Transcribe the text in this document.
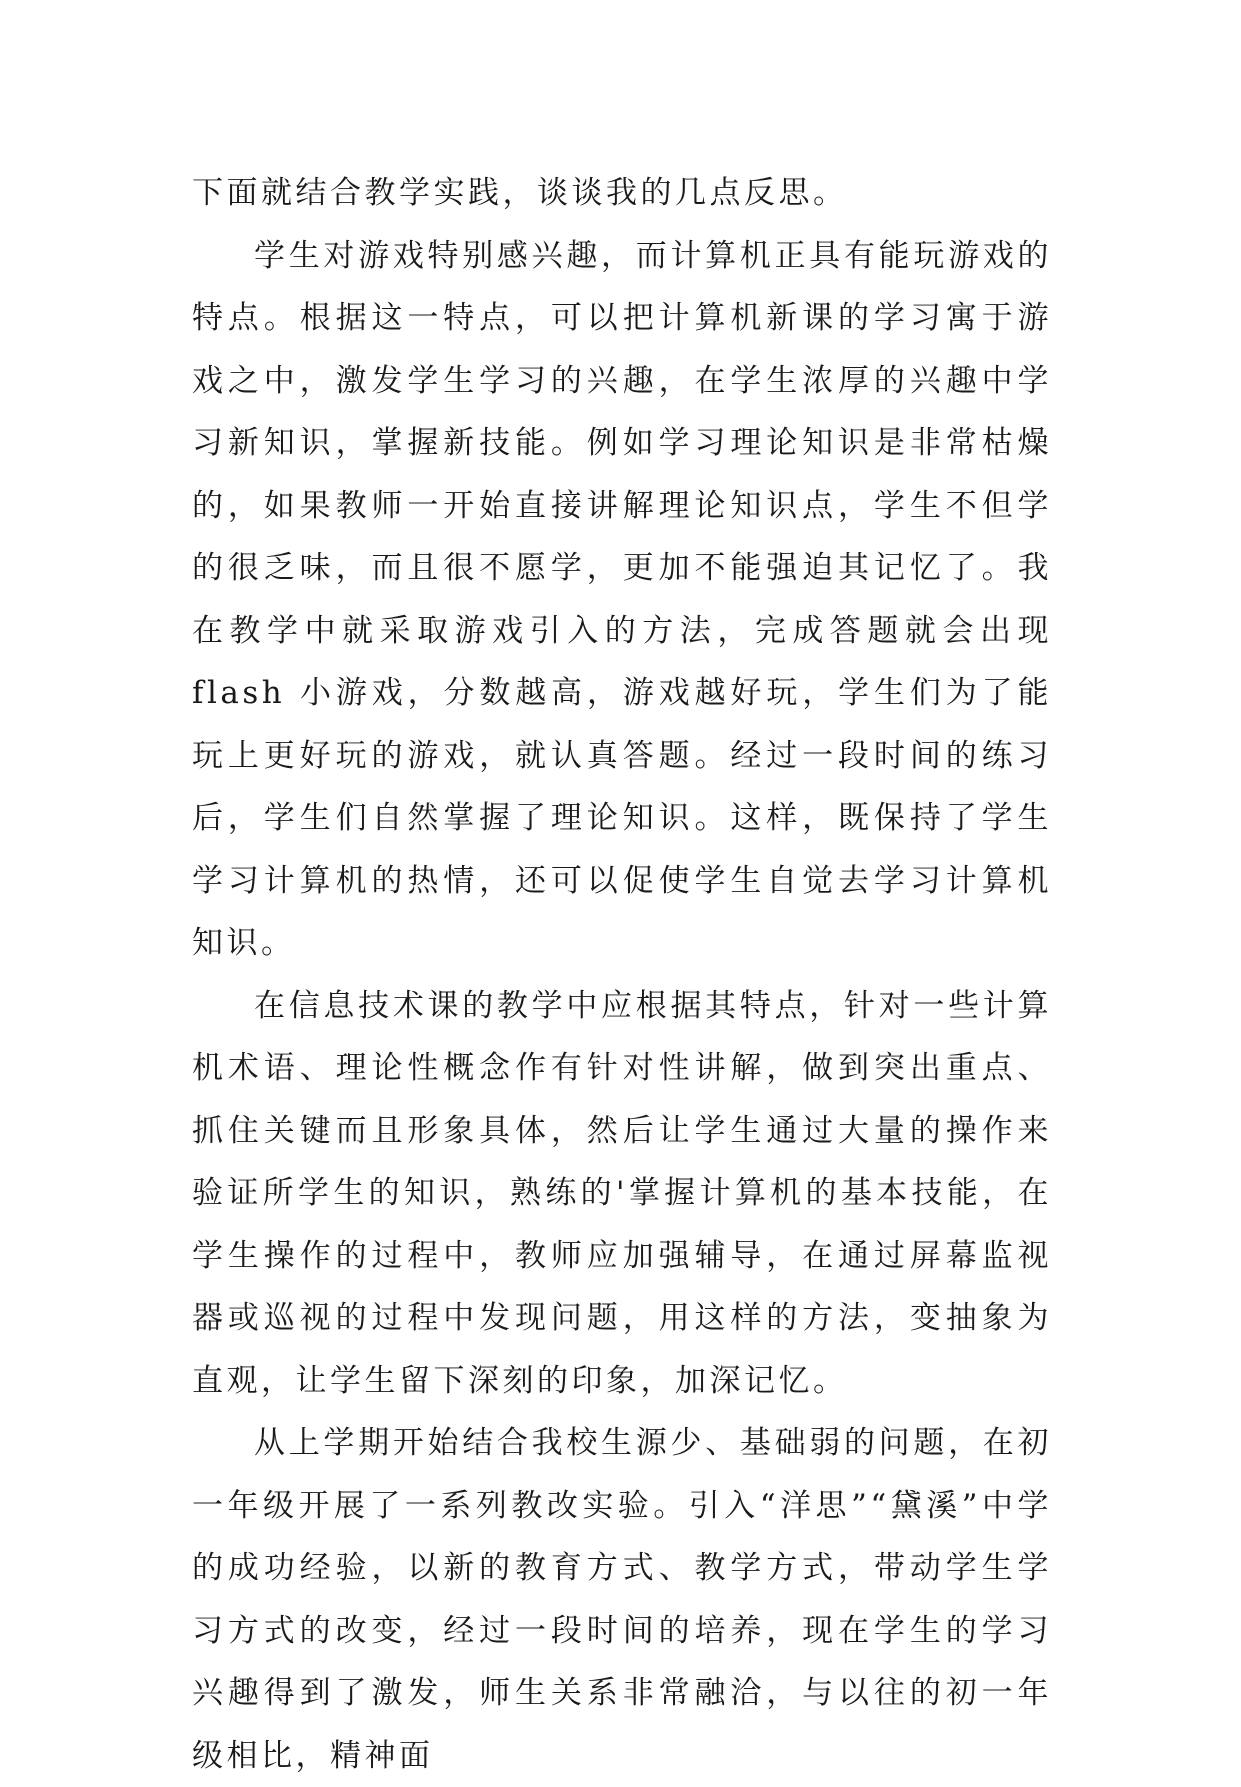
下面就结合教学实践，谈谈我的几点反思。

学生对游戏特别感兴趣，而计算机正具有能玩游戏的特点。根据这一特点，可以把计算机新课的学习寓于游戏之中，激发学生学习的兴趣，在学生浓厚的兴趣中学习新知识，掌握新技能。例如学习理论知识是非常枯燥的，如果教师一开始直接讲解理论知识点，学生不但学的很乏味，而且很不愿学，更加不能强迫其记忆了。我在教学中就采取游戏引入的方法，完成答题就会出现 flash 小游戏，分数越高，游戏越好玩，学生们为了能玩上更好玩的游戏，就认真答题。经过一段时间的练习后，学生们自然掌握了理论知识。这样，既保持了学生学习计算机的热情，还可以促使学生自觉去学习计算机知识。

在信息技术课的教学中应根据其特点，针对一些计算机术语、理论性概念作有针对性讲解，做到突出重点、抓住关键而且形象具体，然后让学生通过大量的操作来验证所学生的知识，熟练的'掌握计算机的基本技能，在学生操作的过程中，教师应加强辅导，在通过屏幕监视器或巡视的过程中发现问题，用这样的方法，变抽象为直观，让学生留下深刻的印象，加深记忆。

从上学期开始结合我校生源少、基础弱的问题，在初一年级开展了一系列教改实验。引入“洋思”“黛溪”中学的成功经验，以新的教育方式、教学方式，带动学生学习方式的改变，经过一段时间的培养，现在学生的学习兴趣得到了激发，师生关系非常融洽，与以往的初一年级相比，精神面
